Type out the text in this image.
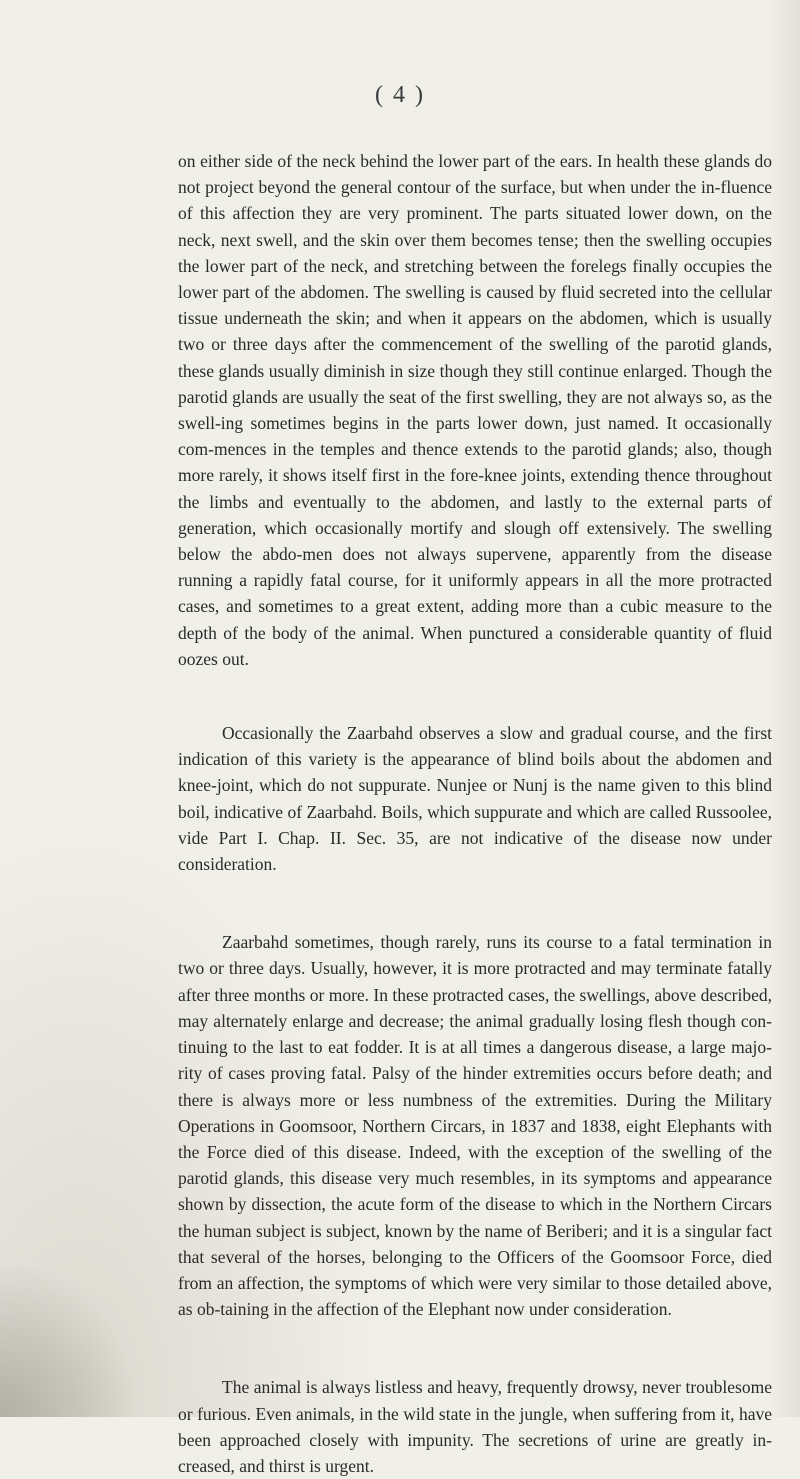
( 4 )

on either side of the neck behind the lower part of the ears. In health these glands do not project beyond the general contour of the surface, but when under the in-fluence of this affection they are very prominent. The parts situated lower down, on the neck, next swell, and the skin over them becomes tense; then the swelling occupies the lower part of the neck, and stretching between the forelegs finally occupies the lower part of the abdomen. The swelling is caused by fluid secreted into the cellular tissue underneath the skin; and when it appears on the abdomen, which is usually two or three days after the commencement of the swelling of the parotid glands, these glands usually diminish in size though they still continue enlarged. Though the parotid glands are usually the seat of the first swelling, they are not always so, as the swell-ing sometimes begins in the parts lower down, just named. It occasionally com-mences in the temples and thence extends to the parotid glands; also, though more rarely, it shows itself first in the fore-knee joints, extending thence throughout the limbs and eventually to the abdomen, and lastly to the external parts of generation, which occasionally mortify and slough off extensively. The swelling below the abdo-men does not always supervene, apparently from the disease running a rapidly fatal course, for it uniformly appears in all the more protracted cases, and sometimes to a great extent, adding more than a cubic measure to the depth of the body of the animal. When punctured a considerable quantity of fluid oozes out.

Occasionally the Zaarbahd observes a slow and gradual course, and the first indication of this variety is the appearance of blind boils about the abdomen and knee-joint, which do not suppurate. Nunjee or Nunj is the name given to this blind boil, indicative of Zaarbahd. Boils, which suppurate and which are called Russoolee, vide Part I. Chap. II. Sec. 35, are not indicative of the disease now under consideration.

Zaarbahd sometimes, though rarely, runs its course to a fatal termination in two or three days. Usually, however, it is more protracted and may terminate fatally after three months or more. In these protracted cases, the swellings, above described, may alternately enlarge and decrease; the animal gradually losing flesh though con-tinuing to the last to eat fodder. It is at all times a dangerous disease, a large majo-rity of cases proving fatal. Palsy of the hinder extremities occurs before death; and there is always more or less numbness of the extremities. During the Military Operations in Goomsoor, Northern Circars, in 1837 and 1838, eight Elephants with the Force died of this disease. Indeed, with the exception of the swelling of the parotid glands, this disease very much resembles, in its symptoms and appearance shown by dissection, the acute form of the disease to which in the Northern Circars the human subject is subject, known by the name of Beriberi; and it is a singular fact that several of the horses, belonging to the Officers of the Goomsoor Force, died from an affection, the symptoms of which were very similar to those detailed above, as ob-taining in the affection of the Elephant now under consideration.

The animal is always listless and heavy, frequently drowsy, never troublesome or furious. Even animals, in the wild state in the jungle, when suffering from it, have been approached closely with impunity. The secretions of urine are greatly in-creased, and thirst is urgent.
